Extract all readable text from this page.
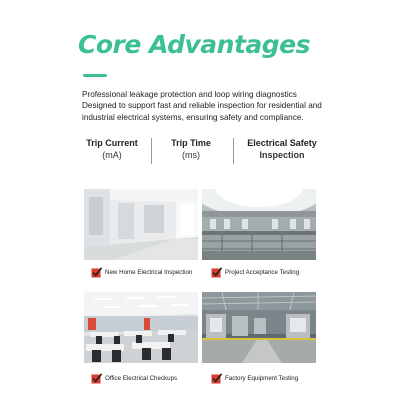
Core Advantages
Professional leakage protection and loop wiring diagnostics
Designed to support fast and reliable inspection for residential and
industrial electrical systems, ensuring safety and compliance.
Trip Current
(mA)
Trip Time
(ms)
Electrical Safety
Inspection
New Home Electrical Inspection	Project Acceptance Testing
Office Electrical Checkups	Factory Equipment Testing
